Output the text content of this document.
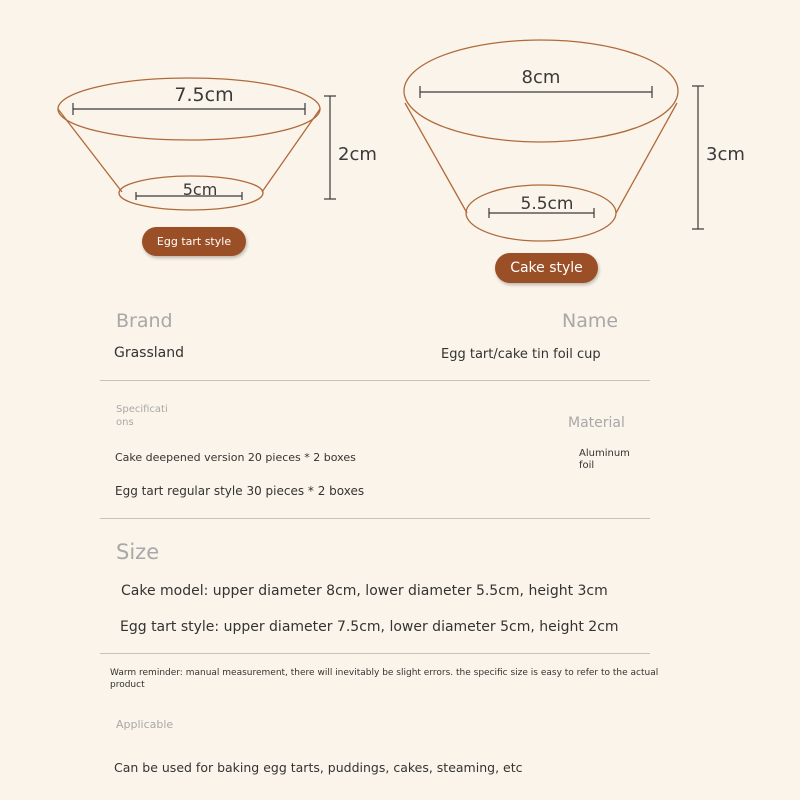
7.5cm
5cm
2cm
8cm
5.5cm
3cm
Egg tart style
Cake style
Brand	Name
Grassland	Egg tart/cake tin foil cup
Specificati
ons	Material
Cake deepened version 20 pieces * 2 boxes	Aluminum
foil
Egg tart regular style 30 pieces * 2 boxes
Size
Cake model: upper diameter 8cm, lower diameter 5.5cm, height 3cm
Egg tart style: upper diameter 7.5cm, lower diameter 5cm, height 2cm
Warm reminder: manual measurement, there will inevitably be slight errors. the specific size is easy to refer to the actual
product
Applicable
Can be used for baking egg tarts, puddings, cakes, steaming, etc
